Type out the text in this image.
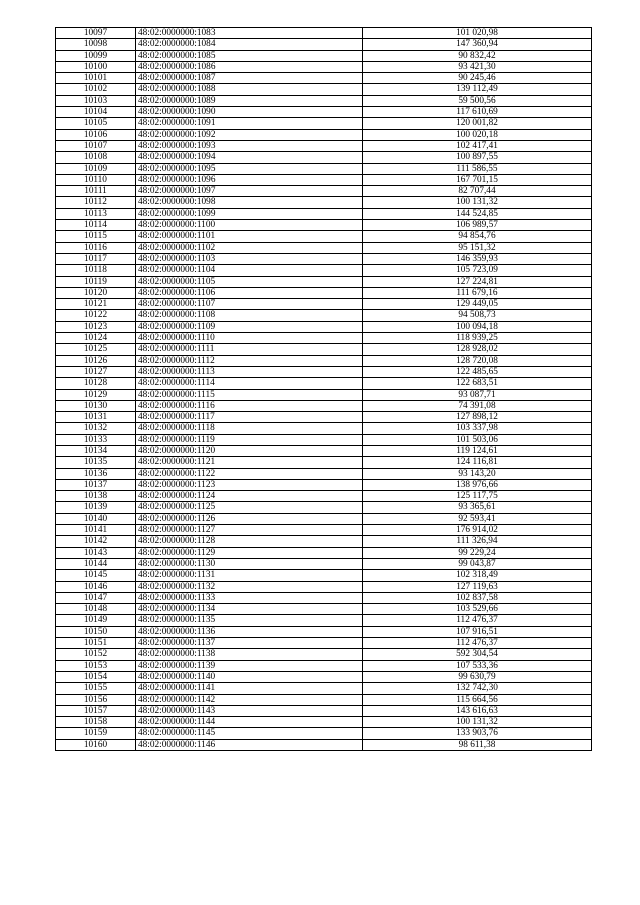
10097	48:02:0000000:1083	101 020,98
10098	48:02:0000000:1084	147 360,94
10099	48:02:0000000:1085	90 832,42
10100	48:02:0000000:1086	93 421,30
10101	48:02:0000000:1087	90 245,46
10102	48:02:0000000:1088	139 112,49
10103	48:02:0000000:1089	59 500,56
10104	48:02:0000000:1090	117 610,69
10105	48:02:0000000:1091	120 001,82
10106	48:02:0000000:1092	100 020,18
10107	48:02:0000000:1093	102 417,41
10108	48:02:0000000:1094	100 897,55
10109	48:02:0000000:1095	111 586,55
10110	48:02:0000000:1096	167 701,15
10111	48:02:0000000:1097	82 707,44
10112	48:02:0000000:1098	100 131,32
10113	48:02:0000000:1099	144 524,85
10114	48:02:0000000:1100	106 989,57
10115	48:02:0000000:1101	94 854,76
10116	48:02:0000000:1102	95 151,32
10117	48:02:0000000:1103	146 359,93
10118	48:02:0000000:1104	105 723,09
10119	48:02:0000000:1105	127 224,81
10120	48:02:0000000:1106	111 679,16
10121	48:02:0000000:1107	129 449,05
10122	48:02:0000000:1108	94 508,73
10123	48:02:0000000:1109	100 094,18
10124	48:02:0000000:1110	118 939,25
10125	48:02:0000000:1111	128 928,02
10126	48:02:0000000:1112	128 720,08
10127	48:02:0000000:1113	122 485,65
10128	48:02:0000000:1114	122 683,51
10129	48:02:0000000:1115	93 087,71
10130	48:02:0000000:1116	74 391,08
10131	48:02:0000000:1117	127 898,12
10132	48:02:0000000:1118	103 337,98
10133	48:02:0000000:1119	101 503,06
10134	48:02:0000000:1120	119 124,61
10135	48:02:0000000:1121	124 116,81
10136	48:02:0000000:1122	93 143,20
10137	48:02:0000000:1123	138 976,66
10138	48:02:0000000:1124	125 117,75
10139	48:02:0000000:1125	93 365,61
10140	48:02:0000000:1126	92 593,41
10141	48:02:0000000:1127	176 914,02
10142	48:02:0000000:1128	111 326,94
10143	48:02:0000000:1129	99 229,24
10144	48:02:0000000:1130	99 043,87
10145	48:02:0000000:1131	102 318,49
10146	48:02:0000000:1132	127 119,63
10147	48:02:0000000:1133	102 837,58
10148	48:02:0000000:1134	103 529,66
10149	48:02:0000000:1135	112 476,37
10150	48:02:0000000:1136	107 916,51
10151	48:02:0000000:1137	112 476,37
10152	48:02:0000000:1138	592 304,54
10153	48:02:0000000:1139	107 533,36
10154	48:02:0000000:1140	99 630,79
10155	48:02:0000000:1141	132 742,30
10156	48:02:0000000:1142	115 664,56
10157	48:02:0000000:1143	143 616,63
10158	48:02:0000000:1144	100 131,32
10159	48:02:0000000:1145	133 903,76
10160	48:02:0000000:1146	98 611,38
